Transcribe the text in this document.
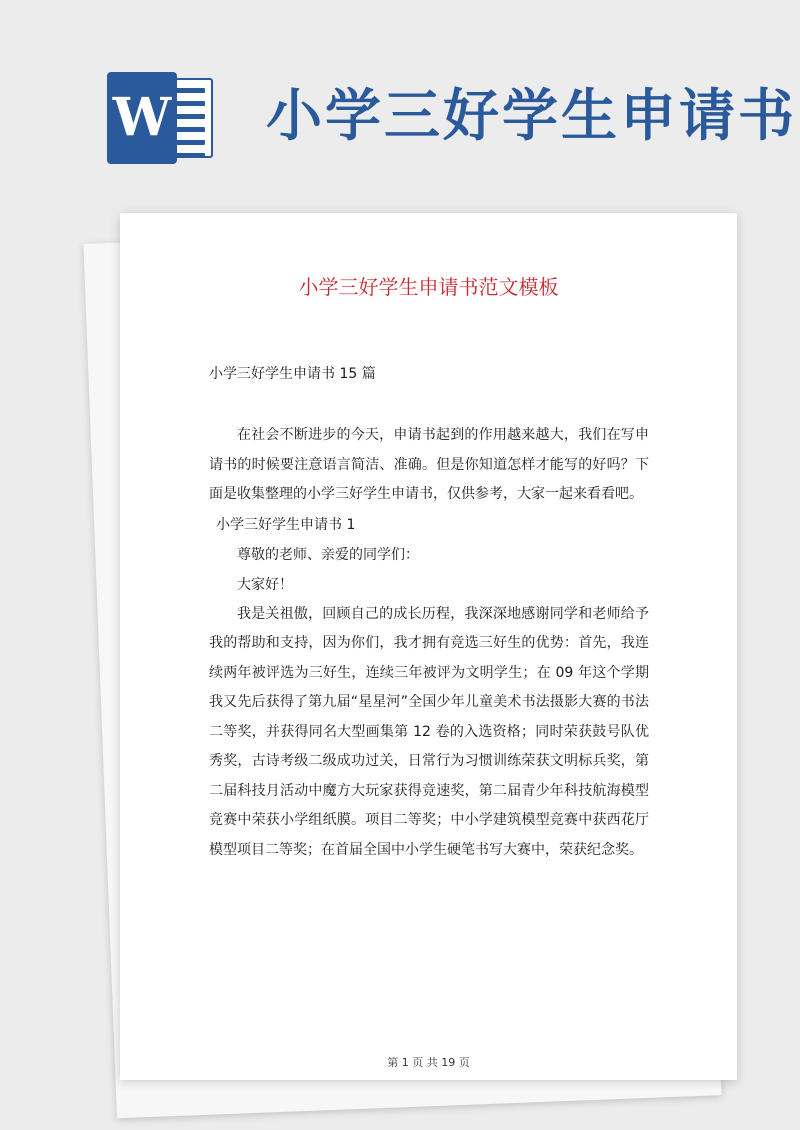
W 小学三好学生申请书
小学三好学生申请书范文模板
小学三好学生申请书 15 篇

在社会不断进步的今天，申请书起到的作用越来越大，我们在写申请书的时候要注意语言简洁、准确。但是你知道怎样才能写的好吗？下面是收集整理的小学三好学生申请书，仅供参考，大家一起来看看吧。

小学三好学生申请书 1

尊敬的老师、亲爱的同学们：

大家好！

我是关祖傲，回顾自己的成长历程，我深深地感谢同学和老师给予我的帮助和支持，因为你们，我才拥有竞选三好生的优势：首先，我连续两年被评选为三好生，连续三年被评为文明学生；在 09 年这个学期我又先后获得了第九届“星星河”全国少年儿童美术书法摄影大赛的书法二等奖，并获得同名大型画集第 12 卷的入选资格；同时荣获鼓号队优秀奖，古诗考级二级成功过关，日常行为习惯训练荣获文明标兵奖，第二届科技月活动中魔方大玩家获得竞速奖，第二届青少年科技航海模型竞赛中荣获小学组纸膜。项目二等奖；中小学建筑模型竞赛中获西花厅模型项目二等奖；在首届全国中小学生硬笔书写大赛中，荣获纪念奖。

第 1 页 共 19 页
